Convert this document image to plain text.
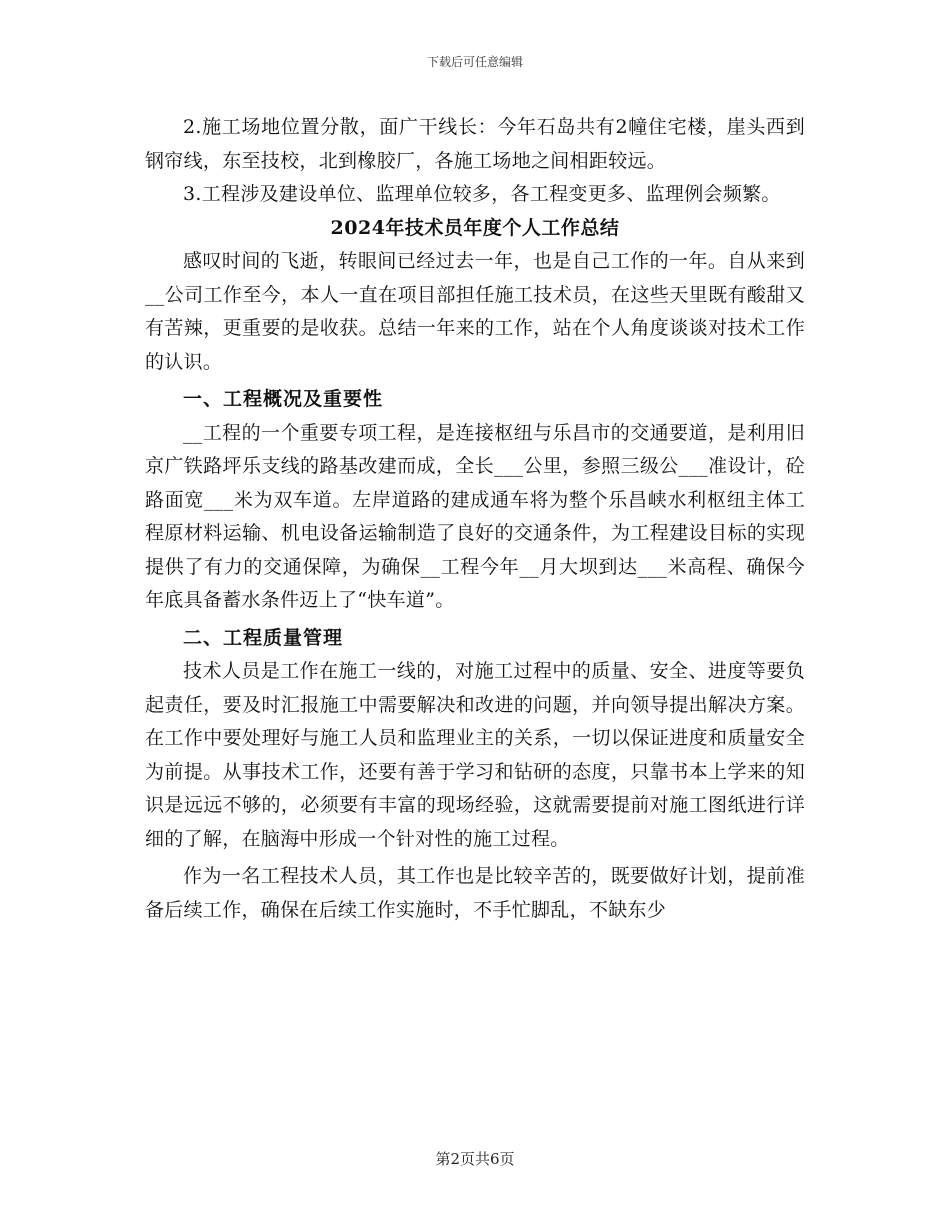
下载后可任意编辑

2.施工场地位置分散，面广干线长：今年石岛共有2幢住宅楼，崖头西到钢帘线，东至技校，北到橡胶厂，各施工场地之间相距较远。

3.工程涉及建设单位、监理单位较多，各工程变更多、监理例会频繁。

2024年技术员年度个人工作总结

感叹时间的飞逝，转眼间已经过去一年，也是自己工作的一年。自从来到__公司工作至今，本人一直在项目部担任施工技术员，在这些天里既有酸甜又有苦辣，更重要的是收获。总结一年来的工作，站在个人角度谈谈对技术工作的认识。

一、工程概况及重要性

__工程的一个重要专项工程，是连接枢纽与乐昌市的交通要道，是利用旧京广铁路坪乐支线的路基改建而成，全长___公里，参照三级公___准设计，砼路面宽___米为双车道。左岸道路的建成通车将为整个乐昌峡水利枢纽主体工程原材料运输、机电设备运输制造了良好的交通条件，为工程建设目标的实现提供了有力的交通保障，为确保__工程今年__月大坝到达___米高程、确保今年底具备蓄水条件迈上了“快车道”。

二、工程质量管理

技术人员是工作在施工一线的，对施工过程中的质量、安全、进度等要负起责任，要及时汇报施工中需要解决和改进的问题，并向领导提出解决方案。在工作中要处理好与施工人员和监理业主的关系，一切以保证进度和质量安全为前提。从事技术工作，还要有善于学习和钻研的态度，只靠书本上学来的知识是远远不够的，必须要有丰富的现场经验，这就需要提前对施工图纸进行详细的了解，在脑海中形成一个针对性的施工过程。

作为一名工程技术人员，其工作也是比较辛苦的，既要做好计划，提前准备后续工作，确保在后续工作实施时，不手忙脚乱，不缺东少

第2页共6页
